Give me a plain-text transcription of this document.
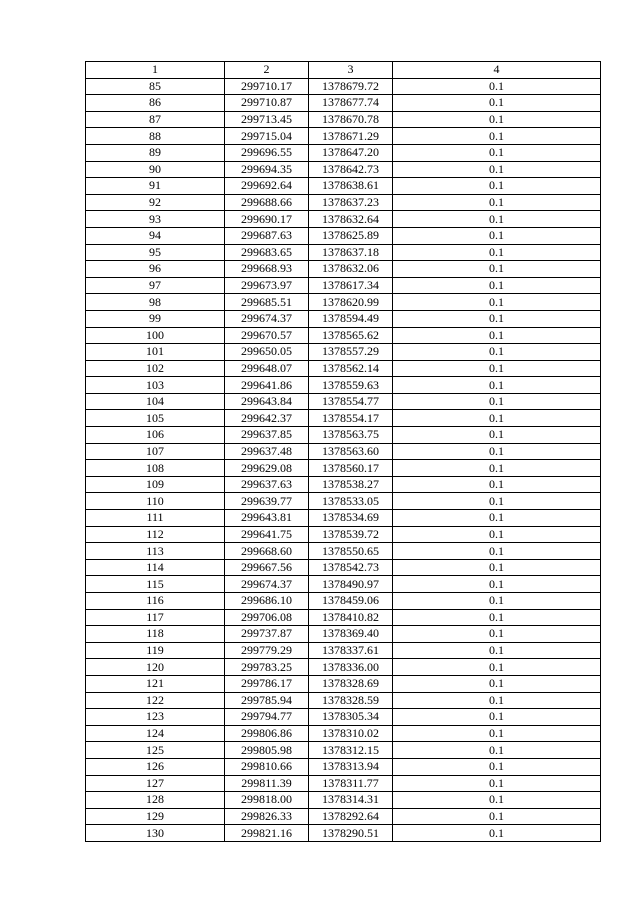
1	2	3	4
85	299710.17	1378679.72	0.1
86	299710.87	1378677.74	0.1
87	299713.45	1378670.78	0.1
88	299715.04	1378671.29	0.1
89	299696.55	1378647.20	0.1
90	299694.35	1378642.73	0.1
91	299692.64	1378638.61	0.1
92	299688.66	1378637.23	0.1
93	299690.17	1378632.64	0.1
94	299687.63	1378625.89	0.1
95	299683.65	1378637.18	0.1
96	299668.93	1378632.06	0.1
97	299673.97	1378617.34	0.1
98	299685.51	1378620.99	0.1
99	299674.37	1378594.49	0.1
100	299670.57	1378565.62	0.1
101	299650.05	1378557.29	0.1
102	299648.07	1378562.14	0.1
103	299641.86	1378559.63	0.1
104	299643.84	1378554.77	0.1
105	299642.37	1378554.17	0.1
106	299637.85	1378563.75	0.1
107	299637.48	1378563.60	0.1
108	299629.08	1378560.17	0.1
109	299637.63	1378538.27	0.1
110	299639.77	1378533.05	0.1
111	299643.81	1378534.69	0.1
112	299641.75	1378539.72	0.1
113	299668.60	1378550.65	0.1
114	299667.56	1378542.73	0.1
115	299674.37	1378490.97	0.1
116	299686.10	1378459.06	0.1
117	299706.08	1378410.82	0.1
118	299737.87	1378369.40	0.1
119	299779.29	1378337.61	0.1
120	299783.25	1378336.00	0.1
121	299786.17	1378328.69	0.1
122	299785.94	1378328.59	0.1
123	299794.77	1378305.34	0.1
124	299806.86	1378310.02	0.1
125	299805.98	1378312.15	0.1
126	299810.66	1378313.94	0.1
127	299811.39	1378311.77	0.1
128	299818.00	1378314.31	0.1
129	299826.33	1378292.64	0.1
130	299821.16	1378290.51	0.1
